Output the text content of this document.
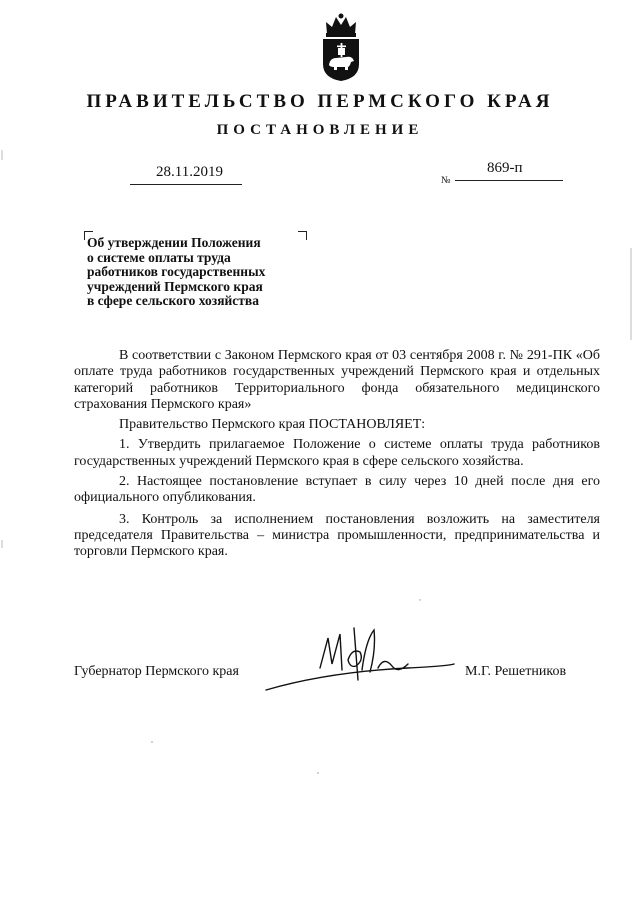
ПРАВИТЕЛЬСТВО ПЕРМСКОГО КРАЯ
ПОСТАНОВЛЕНИЕ
28.11.2019
№
869-п
Об утверждении Положения
о системе оплаты труда
работников государственных
учреждений Пермского края
в сфере сельского хозяйства

В соответствии с Законом Пермского края от 03 сентября 2008 г. № 291-ПК «Об оплате труда работников государственных учреждений Пермского края и отдельных категорий работников Территориального фонда обязательного медицинского страхования Пермского края»

Правительство Пермского края ПОСТАНОВЛЯЕТ:

1. Утвердить прилагаемое Положение о системе оплаты труда работников государственных учреждений Пермского края в сфере сельского хозяйства.

2. Настоящее постановление вступает в силу через 10 дней после дня его официального опубликования.

3. Контроль за исполнением постановления возложить на заместителя председателя Правительства – министра промышленности, предпринимательства и торговли Пермского края.

Губернатор Пермского края	М.Г. Решетников
